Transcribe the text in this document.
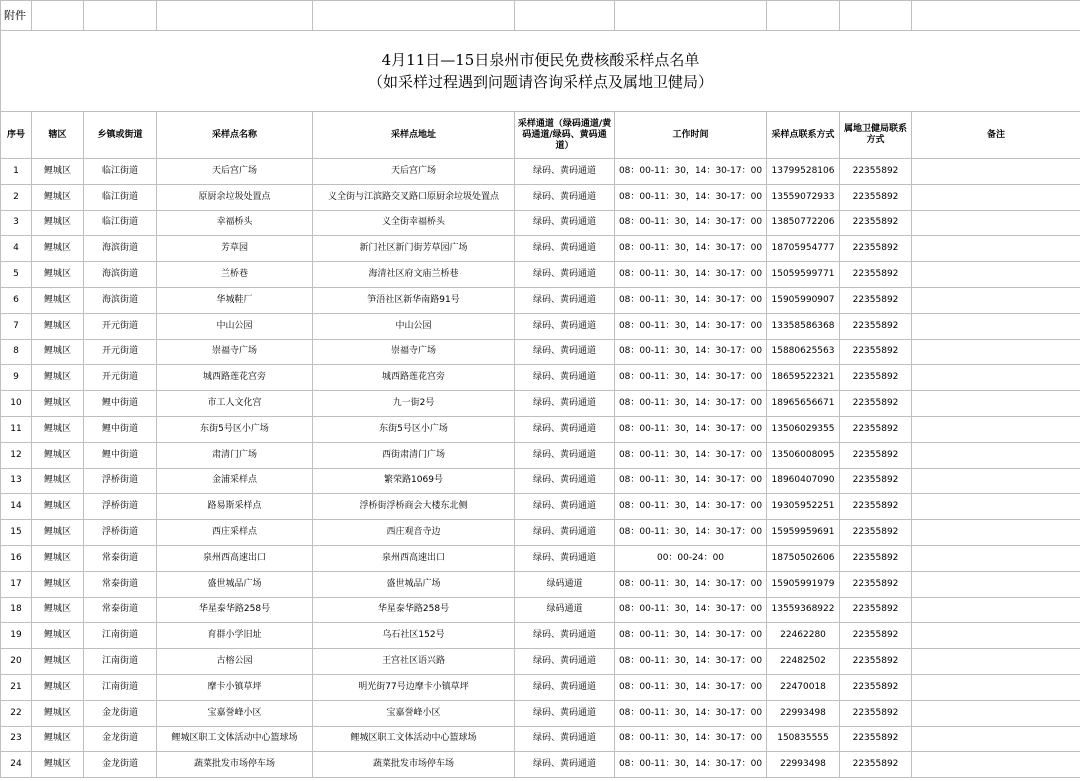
附件									

4月11日—15日泉州市便民免费核酸采样点名单
（如采样过程遇到问题请咨询采样点及属地卫健局）									

序号	辖区	乡镇或街道	采样点名称	采样点地址	采样通道（绿码通道/黄码通道/绿码、黄码通道）	工作时间	采样点联系方式	属地卫健局联系方式	备注
1	鲤城区	临江街道	天后宫广场	天后宫广场	绿码、黄码通道	08：00-11：30，14：30-17：00	13799528106	22355892	
2	鲤城区	临江街道	原厨余垃圾处置点	义全街与江滨路交叉路口原厨余垃圾处置点	绿码、黄码通道	08：00-11：30，14：30-17：00	13559072933	22355892	
3	鲤城区	临江街道	幸福桥头	义全街幸福桥头	绿码、黄码通道	08：00-11：30，14：30-17：00	13850772206	22355892	
4	鲤城区	海滨街道	芳草园	新门社区新门街芳草园广场	绿码、黄码通道	08：00-11：30，14：30-17：00	18705954777	22355892	
5	鲤城区	海滨街道	兰桥巷	海清社区府文庙兰桥巷	绿码、黄码通道	08：00-11：30，14：30-17：00	15059599771	22355892	
6	鲤城区	海滨街道	华城鞋厂	笋浯社区新华南路91号	绿码、黄码通道	08：00-11：30，14：30-17：00	15905990907	22355892	
7	鲤城区	开元街道	中山公园	中山公园	绿码、黄码通道	08：00-11：30，14：30-17：00	13358586368	22355892	
8	鲤城区	开元街道	崇福寺广场	崇福寺广场	绿码、黄码通道	08：00-11：30，14：30-17：00	15880625563	22355892	
9	鲤城区	开元街道	城西路莲花宫旁	城西路莲花宫旁	绿码、黄码通道	08：00-11：30，14：30-17：00	18659522321	22355892	
10	鲤城区	鲤中街道	市工人文化宫	九一街2号	绿码、黄码通道	08：00-11：30，14：30-17：00	18965656671	22355892	
11	鲤城区	鲤中街道	东街5号区小广场	东街5号区小广场	绿码、黄码通道	08：00-11：30，14：30-17：00	13506029355	22355892	
12	鲤城区	鲤中街道	肃清门广场	西街肃清门广场	绿码、黄码通道	08：00-11：30，14：30-17：00	13506008095	22355892	
13	鲤城区	浮桥街道	金浦采样点	繁荣路1069号	绿码、黄码通道	08：00-11：30，14：30-17：00	18960407090	22355892	
14	鲤城区	浮桥街道	路易斯采样点	浮桥街浮桥商会大楼东北侧	绿码、黄码通道	08：00-11：30，14：30-17：00	19305952251	22355892	
15	鲤城区	浮桥街道	西庄采样点	西庄观音寺边	绿码、黄码通道	08：00-11：30，14：30-17：00	15959959691	22355892	
16	鲤城区	常泰街道	泉州西高速出口	泉州西高速出口	绿码、黄码通道	00：00-24：00	18750502606	22355892	
17	鲤城区	常泰街道	盛世城品广场	盛世城品广场	绿码通道	08：00-11：30，14：30-17：00	15905991979	22355892	
18	鲤城区	常泰街道	华星泰华路258号	华星泰华路258号	绿码通道	08：00-11：30，14：30-17：00	13559368922	22355892	
19	鲤城区	江南街道	育群小学旧址	乌石社区152号	绿码、黄码通道	08：00-11：30，14：30-17：00	22462280	22355892	
20	鲤城区	江南街道	古榕公园	王宫社区语兴路	绿码、黄码通道	08：00-11：30，14：30-17：00	22482502	22355892	
21	鲤城区	江南街道	摩卡小镇草坪	明光街77号边摩卡小镇草坪	绿码、黄码通道	08：00-11：30，14：30-17：00	22470018	22355892	
22	鲤城区	金龙街道	宝嘉誉峰小区	宝嘉誉峰小区	绿码、黄码通道	08：00-11：30，14：30-17：00	22993498	22355892	
23	鲤城区	金龙街道	鲤城区职工文体活动中心篮球场	鲤城区职工文体活动中心篮球场	绿码、黄码通道	08：00-11：30，14：30-17：00	150835555	22355892	
24	鲤城区	金龙街道	蔬菜批发市场停车场	蔬菜批发市场停车场	绿码、黄码通道	08：00-11：30，14：30-17：00	22993498	22355892	
